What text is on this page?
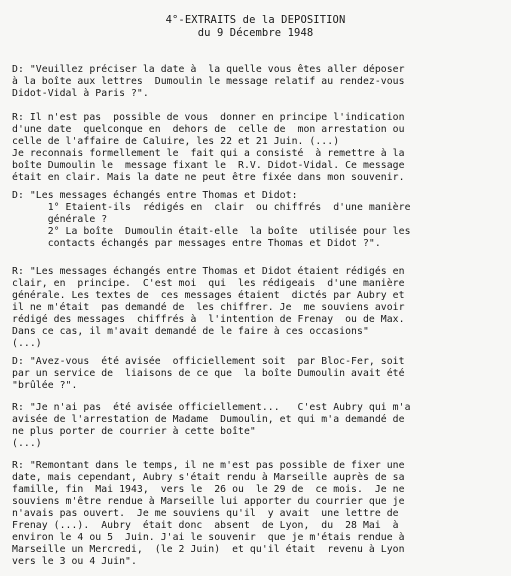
4°-EXTRAITS de la DEPOSITION
du 9 Décembre 1948
D: "Veuillez préciser la date à  la quelle vous êtes aller déposer
à la boîte aux lettres  Dumoulin le message relatif au rendez-vous
Didot-Vidal à Paris ?".
R: Il n'est pas  possible de vous  donner en principe l'indication
d'une date  quelconque en  dehors de  celle de  mon arrestation ou
celle de l'affaire de Caluire, les 22 et 21 Juin. (...)
Je reconnais formellement le  fait qui a consisté  à remettre à la
boîte Dumoulin le  message fixant le  R.V. Didot-Vidal. Ce message
était en clair. Mais la date ne peut être fixée dans mon souvenir.
D: "Les messages échangés entre Thomas et Didot:
1° Etaient-ils  rédigés en  clair  ou chiffrés  d'une manière
générale ?
2° La boîte  Dumoulin était-elle  la boîte  utilisée pour les
contacts échangés par messages entre Thomas et Didot ?".
R: "Les messages échangés entre Thomas et Didot étaient rédigés en
clair, en  principe.  C'est moi  qui  les rédigeais  d'une manière
générale. Les textes de  ces messages étaient  dictés par Aubry et
il ne m'était  pas demandé de  les chiffrer. Je  me souviens avoir
rédigé des messages  chiffrés à  l'intention de Frenay  ou de Max.
Dans ce cas, il m'avait demandé de le faire à ces occasions"
(...)
D: "Avez-vous  été avisée  officiellement soit  par Bloc-Fer, soit
par un service de  liaisons de ce que  la boîte Dumoulin avait été
"brûlée ?".
R: "Je n'ai pas  été avisée officiellement...   C'est Aubry qui m'a
avisée de l'arrestation de Madame  Dumoulin, et qui m'a demandé de
ne plus porter de courrier à cette boîte"
(...)
R: "Remontant dans le temps, il ne m'est pas possible de fixer une
date, mais cependant, Aubry s'était rendu à Marseille auprès de sa
famille, fin  Mai 1943,  vers le  26 ou  le 29 de  ce mois.  Je ne
souviens m'être rendue à Marseille lui apporter du courrier que je
n'avais pas ouvert.  Je me souviens qu'il  y avait  une lettre de
Frenay (...).  Aubry  était donc  absent  de Lyon,  du  28 Mai  à
environ le 4 ou 5  Juin. J'ai le souvenir  que je m'étais rendue à
Marseille un Mercredi,  (le 2 Juin)  et qu'il était  revenu à Lyon
vers le 3 ou 4 Juin".
